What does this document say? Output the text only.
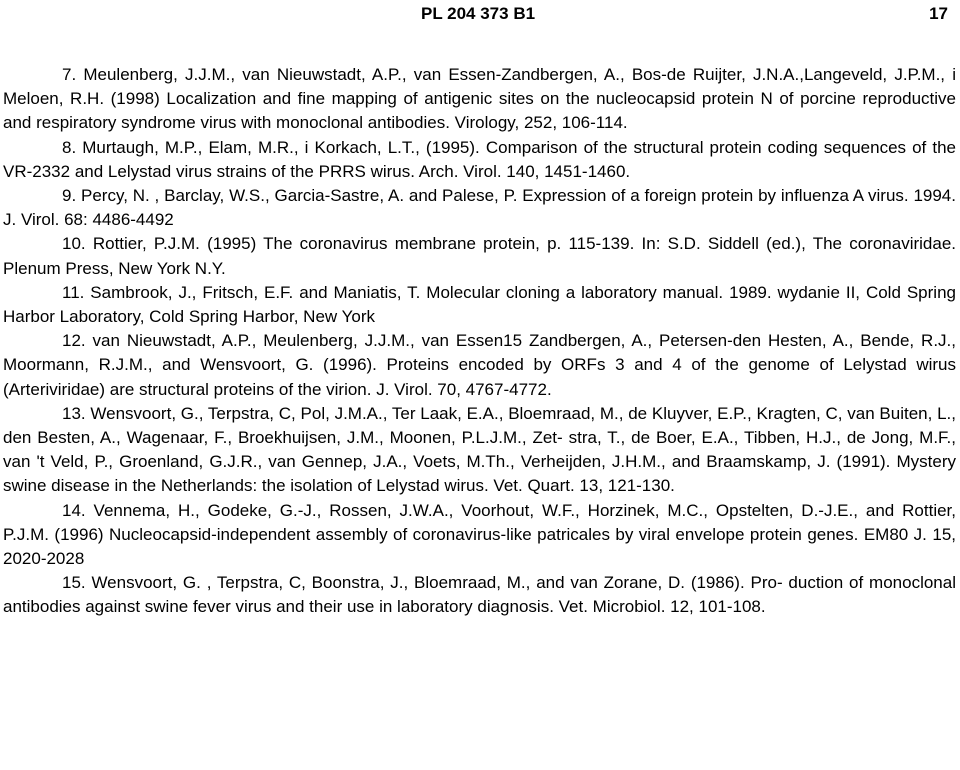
PL 204 373 B1	17

7. Meulenberg, J.J.M., van Nieuwstadt, A.P., van Essen-Zandbergen, A., Bos-de Ruijter, J.N.A.,Langeveld, J.P.M., i Meloen, R.H. (1998) Localization and fine mapping of antigenic sites on the nucleocapsid protein N of porcine reproductive and respiratory syndrome virus with monoclonal antibodies. Virology, 252, 106-114.

8. Murtaugh, M.P., Elam, M.R., i Korkach, L.T., (1995). Comparison of the structural protein coding sequences of the VR-2332 and Lelystad virus strains of the PRRS wirus. Arch. Virol. 140, 1451-1460.

9. Percy, N. , Barclay, W.S., Garcia-Sastre, A. and Palese, P. Expression of a foreign protein by influenza A virus. 1994. J. Virol. 68: 4486-4492

10. Rottier, P.J.M. (1995) The coronavirus membrane protein, p. 115-139. In: S.D. Siddell (ed.), The coronaviridae. Plenum Press, New York N.Y.

11. Sambrook, J., Fritsch, E.F. and Maniatis, T. Molecular cloning a laboratory manual. 1989. wydanie II, Cold Spring Harbor Laboratory, Cold Spring Harbor, New York

12. van Nieuwstadt, A.P., Meulenberg, J.J.M., van Essen15 Zandbergen, A., Petersen-den Hesten, A., Bende, R.J., Moormann, R.J.M., and Wensvoort, G. (1996). Proteins encoded by ORFs 3 and 4 of the genome of Lelystad wirus (Arteriviridae) are structural proteins of the virion. J. Virol. 70, 4767-4772.

13. Wensvoort, G., Terpstra, C, Pol, J.M.A., Ter Laak, E.A., Bloemraad, M., de Kluyver, E.P., Kragten, C, van Buiten, L., den Besten, A., Wagenaar, F., Broekhuijsen, J.M., Moonen, P.L.J.M., Zet- stra, T., de Boer, E.A., Tibben, H.J., de Jong, M.F., van 't Veld, P., Groenland, G.J.R., van Gennep, J.A., Voets, M.Th., Verheijden, J.H.M., and Braamskamp, J. (1991). Mystery swine disease in the Netherlands: the isolation of Lelystad wirus. Vet. Quart. 13, 121-130.

14. Vennema, H., Godeke, G.-J., Rossen, J.W.A., Voorhout, W.F., Horzinek, M.C., Opstelten, D.-J.E., and Rottier, P.J.M. (1996) Nucleocapsid-independent assembly of coronavirus-like patricales by viral envelope protein genes. EM80 J. 15, 2020-2028

15. Wensvoort, G. , Terpstra, C, Boonstra, J., Bloemraad, M., and van Zorane, D. (1986). Pro- duction of monoclonal antibodies against swine fever virus and their use in laboratory diagnosis. Vet. Microbiol. 12, 101-108.
